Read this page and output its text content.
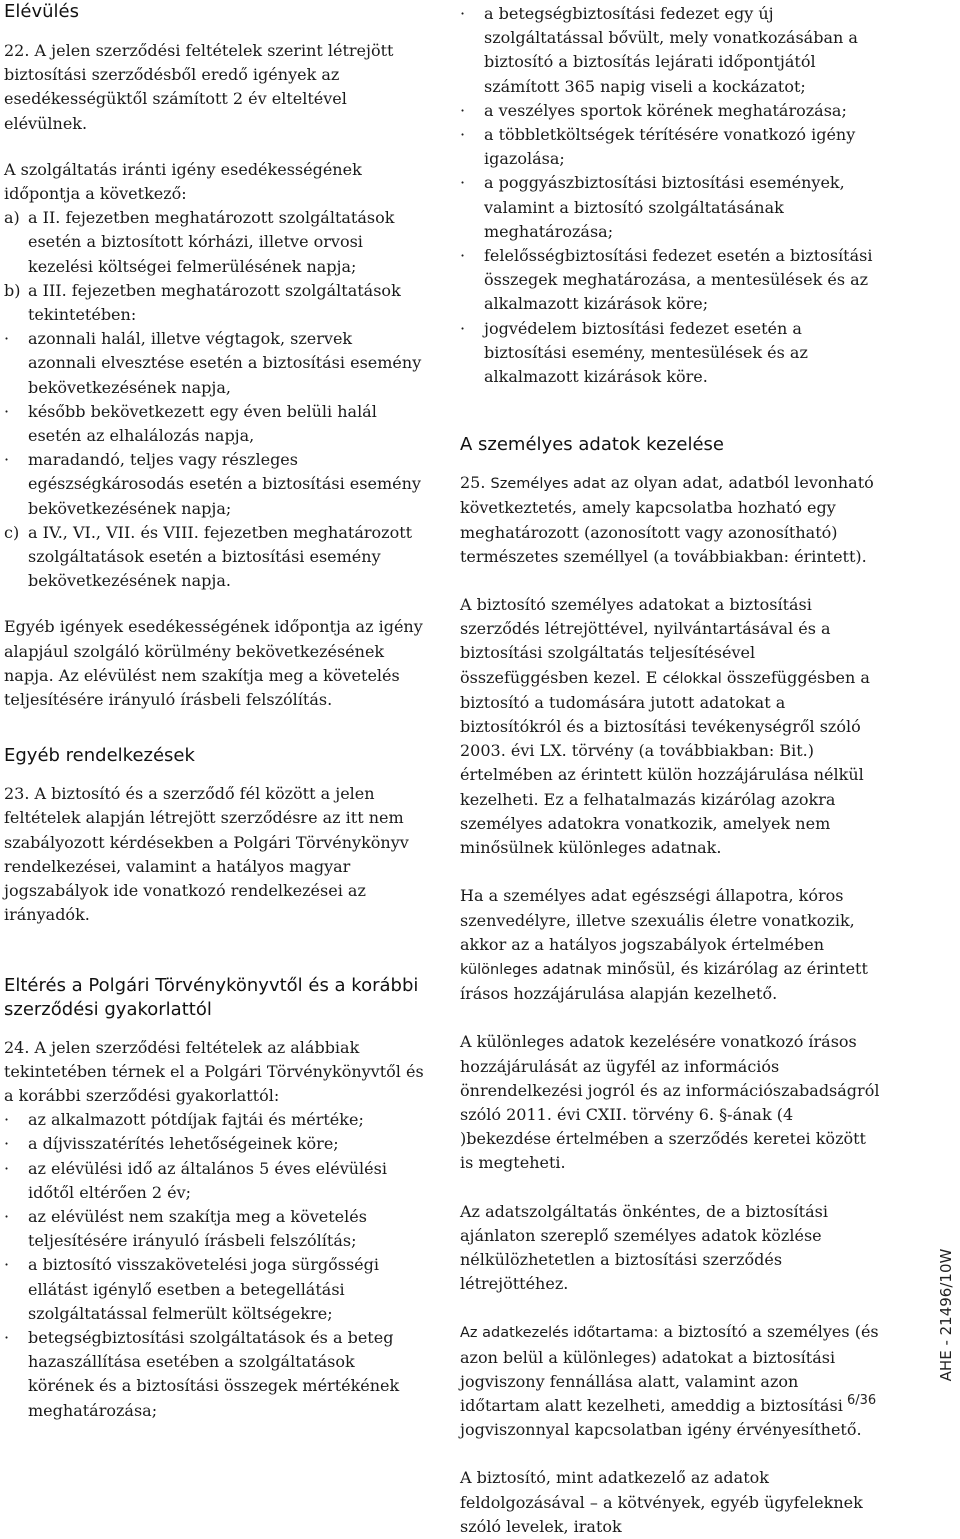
Elévülés

22. A jelen szerződési feltételek szerint létrejött biztosítási szerződésből eredő igények az esedékességüktől számított 2 év elteltével elévülnek.

A szolgáltatás iránti igény esedékességének időpontja a következő:

a) a II. fejezetben meghatározott szolgáltatások esetén a biztosított kórházi, illetve orvosi kezelési költségei felmerülésének napja;
b) a III. fejezetben meghatározott szolgáltatások tekintetében:
· azonnali halál, illetve végtagok, szervek azonnali elvesztése esetén a biztosítási esemény bekövetkezésének napja,
· később bekövetkezett egy éven belüli halál esetén az elhalálozás napja,
· maradandó, teljes vagy részleges egészségkárosodás esetén a biztosítási esemény bekövetkezésének napja;
c) a IV., VI., VII. és VIII. fejezetben meghatározott szolgáltatások esetén a biztosítási esemény bekövetkezésének napja.

Egyéb igények esedékességének időpontja az igény alapjául szolgáló körülmény bekövetkezésének napja. Az elévülést nem szakítja meg a követelés teljesítésére irányuló írásbeli felszólítás.

Egyéb rendelkezések

23. A biztosító és a szerződő fél között a jelen feltételek alapján létrejött szerződésre az itt nem szabályozott kérdésekben a Polgári Törvénykönyv rendelkezései, valamint a hatályos magyar jogszabályok ide vonatkozó rendelkezései az irányadók.

Eltérés a Polgári Törvénykönyvtől és a korábbi szerződési gyakorlattól

24. A jelen szerződési feltételek az alábbiak tekintetében térnek el a Polgári Törvénykönyvtől és a korábbi szerződési gyakorlattól:

· az alkalmazott pótdíjak fajtái és mértéke;
· a díjvisszatérítés lehetőségeinek köre;
· az elévülési idő az általános 5 éves elévülési időtől eltérően 2 év;
· az elévülést nem szakítja meg a követelés teljesítésére irányuló írásbeli felszólítás;
· a biztosító visszakövetelési joga sürgősségi ellátást igénylő esetben a betegellátási szolgáltatással felmerült költségekre;
· betegségbiztosítási szolgáltatások és a beteg hazaszállítása esetében a szolgáltatások körének és a biztosítási összegek mértékének meghatározása;
· a betegségbiztosítási fedezet egy új szolgáltatással bővült, mely vonatkozásában a biztosító a biztosítás lejárati időpontjától számított 365 napig viseli a kockázatot;
· a veszélyes sportok körének meghatározása;
· a többletköltségek térítésére vonatkozó igény igazolása;
· a poggyászbiztosítási biztosítási események, valamint a biztosító szolgáltatásának meghatározása;
· felelősségbiztosítási fedezet esetén a biztosítási összegek meghatározása, a mentesülések és az alkalmazott kizárások köre;
· jogvédelem biztosítási fedezet esetén a biztosítási esemény, mentesülések és az alkalmazott kizárások köre.

A személyes adatok kezelése

25. Személyes adat az olyan adat, adatból levonható következtetés, amely kapcsolatba hozható egy meghatározott (azonosított vagy azonosítható) természetes személlyel (a továbbiakban: érintett).

A biztosító személyes adatokat a biztosítási szerződés létrejöttével, nyilvántartásával és a biztosítási szolgáltatás teljesítésével összefüggésben kezel. E célokkal összefüggésben a biztosító a tudomására jutott adatokat a biztosítókról és a biztosítási tevékenységről szóló 2003. évi LX. törvény (a továbbiakban: Bit.) értelmében az érintett külön hozzájárulása nélkül kezelheti. Ez a felhatalmazás kizárólag azokra személyes adatokra vonatkozik, amelyek nem minősülnek különleges adatnak.

Ha a személyes adat egészségi állapotra, kóros szenvedélyre, illetve szexuális életre vonatkozik, akkor az a hatályos jogszabályok értelmében különleges adatnak minősül, és kizárólag az érintett írásos hozzájárulása alapján kezelhető.

A különleges adatok kezelésére vonatkozó írásos hozzájárulását az ügyfél az információs önrendelkezési jogról és az információszabadságról szóló 2011. évi CXII. törvény 6. §-ának (4 )bekezdése értelmében a szerződés keretei között is megteheti.

Az adatszolgáltatás önkéntes, de a biztosítási ajánlaton szereplő személyes adatok közlése nélkülözhetetlen a biztosítási szerződés létrejöttéhez.

Az adatkezelés időtartama: a biztosító a személyes (és azon belül a különleges) adatokat a biztosítási jogviszony fennállása alatt, valamint azon időtartam alatt kezelheti, ameddig a biztosítási jogviszonnyal kapcsolatban igény érvényesíthető.

A biztosító, mint adatkezelő az adatok feldolgozásával – a kötvények, egyéb ügyfeleknek szóló levelek, iratok

AHE - 21496/10W
6/36
